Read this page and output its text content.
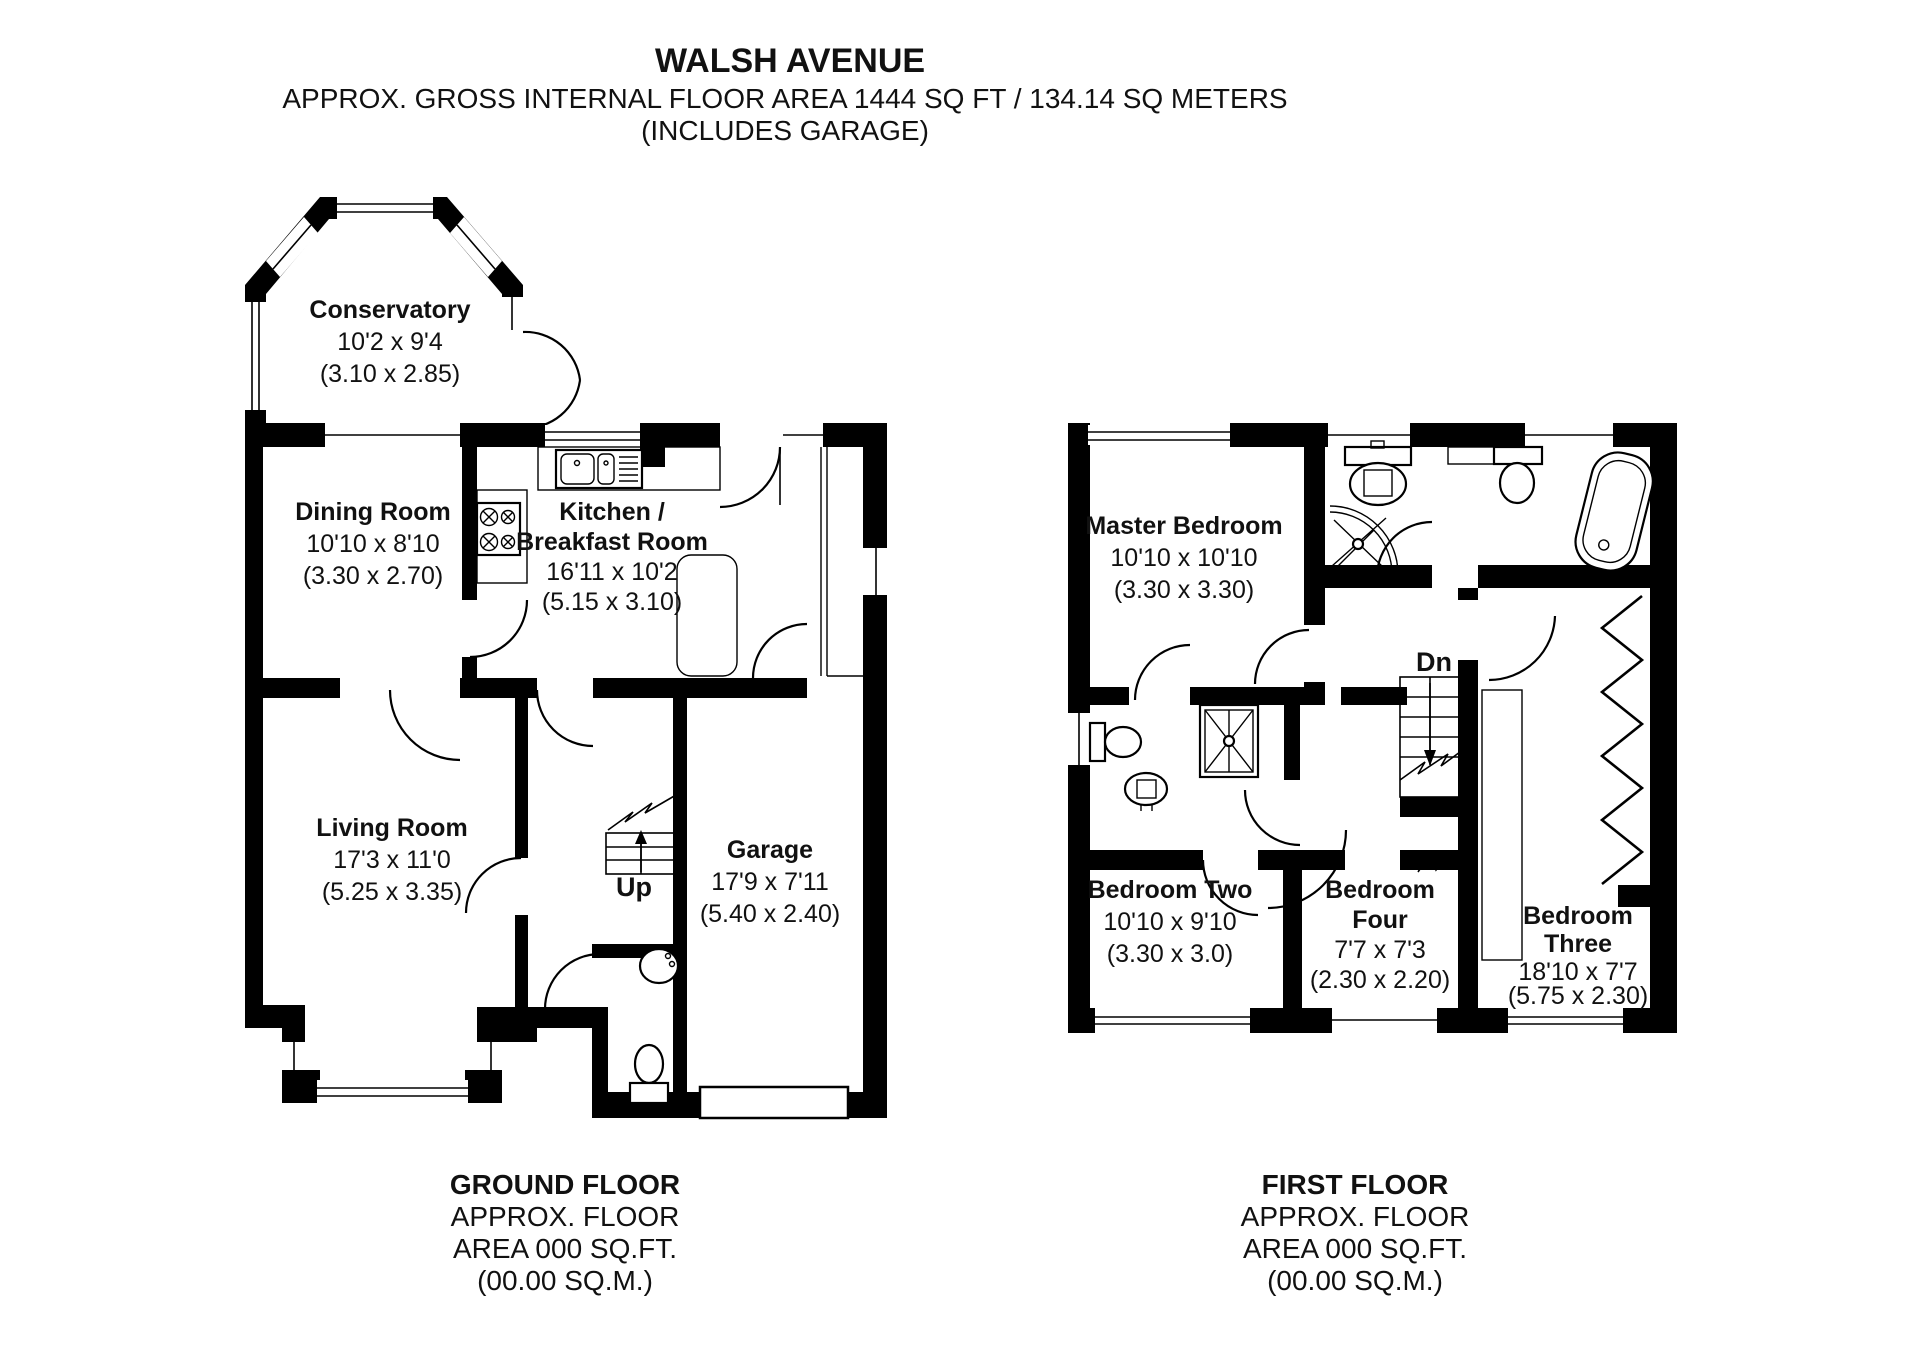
WALSH AVENUE
APPROX. GROSS INTERNAL FLOOR AREA 1444 SQ FT / 134.14 SQ METERS
(INCLUDES GARAGE)
Conservatory
10'2 x 9'4
(3.10 x 2.85)
Dining Room
10'10 x 8'10
(3.30 x 2.70)
Kitchen /
Breakfast Room
16'11 x 10'2
(5.15 x 3.10)
Living Room
17'3 x 11'0
(5.25 x 3.35)
Garage
17'9 x 7'11
(5.40 x 2.40)
Up
GROUND FLOOR
APPROX. FLOOR
AREA 000 SQ.FT.
(00.00 SQ.M.)
Master Bedroom
10'10 x 10'10
(3.30 x 3.30)
Bedroom Two
10'10 x 9'10
(3.30 x 3.0)
Bedroom
Four
7'7 x 7'3
(2.30 x 2.20)
Bedroom
Three
18'10 x 7'7
(5.75 x 2.30)
Dn
FIRST FLOOR
APPROX. FLOOR
AREA 000 SQ.FT.
(00.00 SQ.M.)
